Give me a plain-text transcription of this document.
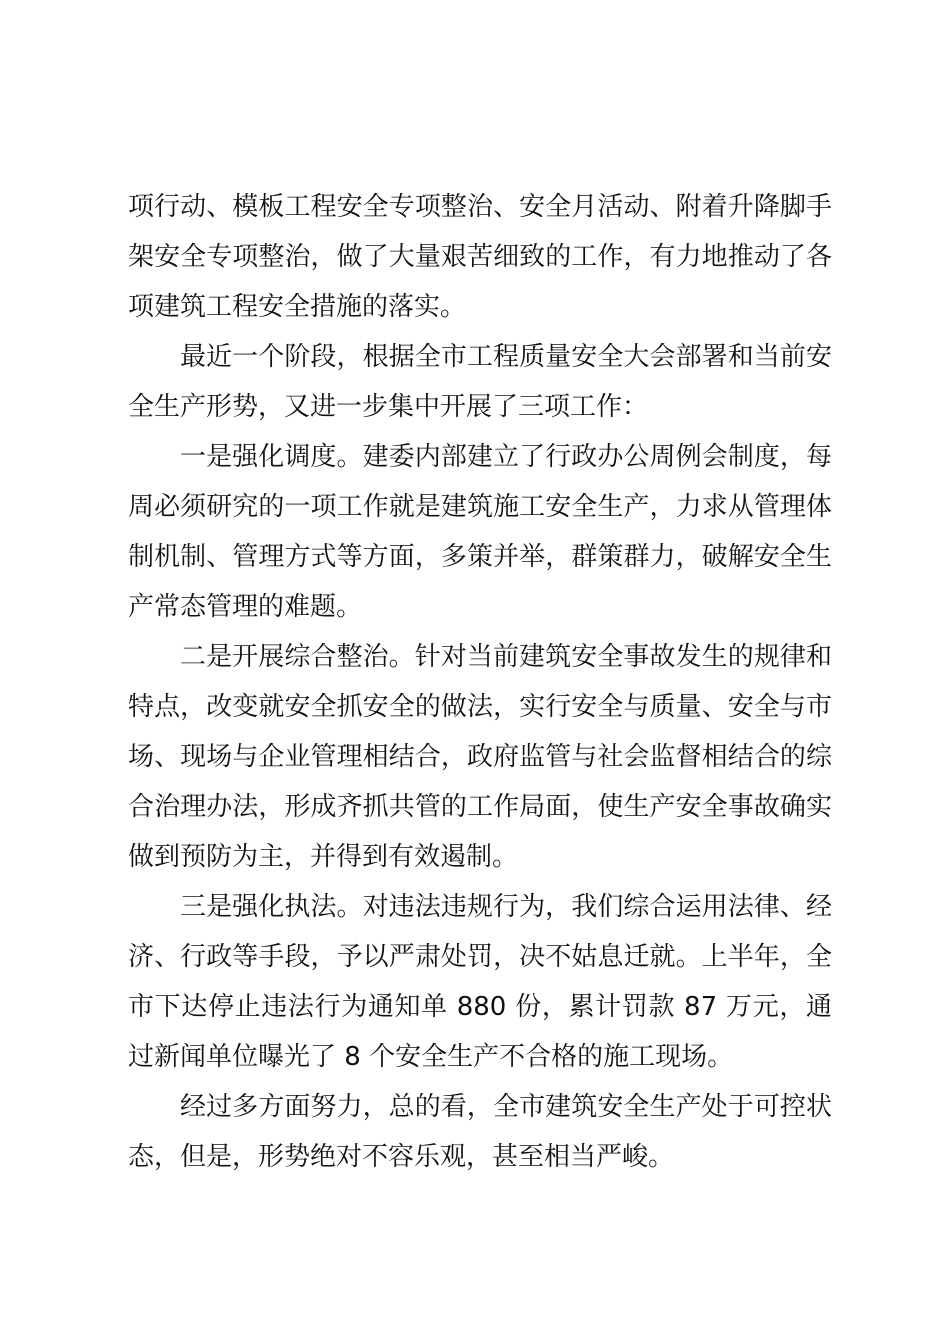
项行动、模板工程安全专项整治、安全月活动、附着升降脚手架安全专项整治，做了大量艰苦细致的工作，有力地推动了各项建筑工程安全措施的落实。

最近一个阶段，根据全市工程质量安全大会部署和当前安全生产形势，又进一步集中开展了三项工作：

一是强化调度。建委内部建立了行政办公周例会制度，每周必须研究的一项工作就是建筑施工安全生产，力求从管理体制机制、管理方式等方面，多策并举，群策群力，破解安全生产常态管理的难题。

二是开展综合整治。针对当前建筑安全事故发生的规律和特点，改变就安全抓安全的做法，实行安全与质量、安全与市场、现场与企业管理相结合，政府监管与社会监督相结合的综合治理办法，形成齐抓共管的工作局面，使生产安全事故确实做到预防为主，并得到有效遏制。

三是强化执法。对违法违规行为，我们综合运用法律、经济、行政等手段，予以严肃处罚，决不姑息迁就。上半年，全市下达停止违法行为通知单 880 份，累计罚款 87 万元，通过新闻单位曝光了 8 个安全生产不合格的施工现场。

经过多方面努力，总的看，全市建筑安全生产处于可控状态，但是，形势绝对不容乐观，甚至相当严峻。
